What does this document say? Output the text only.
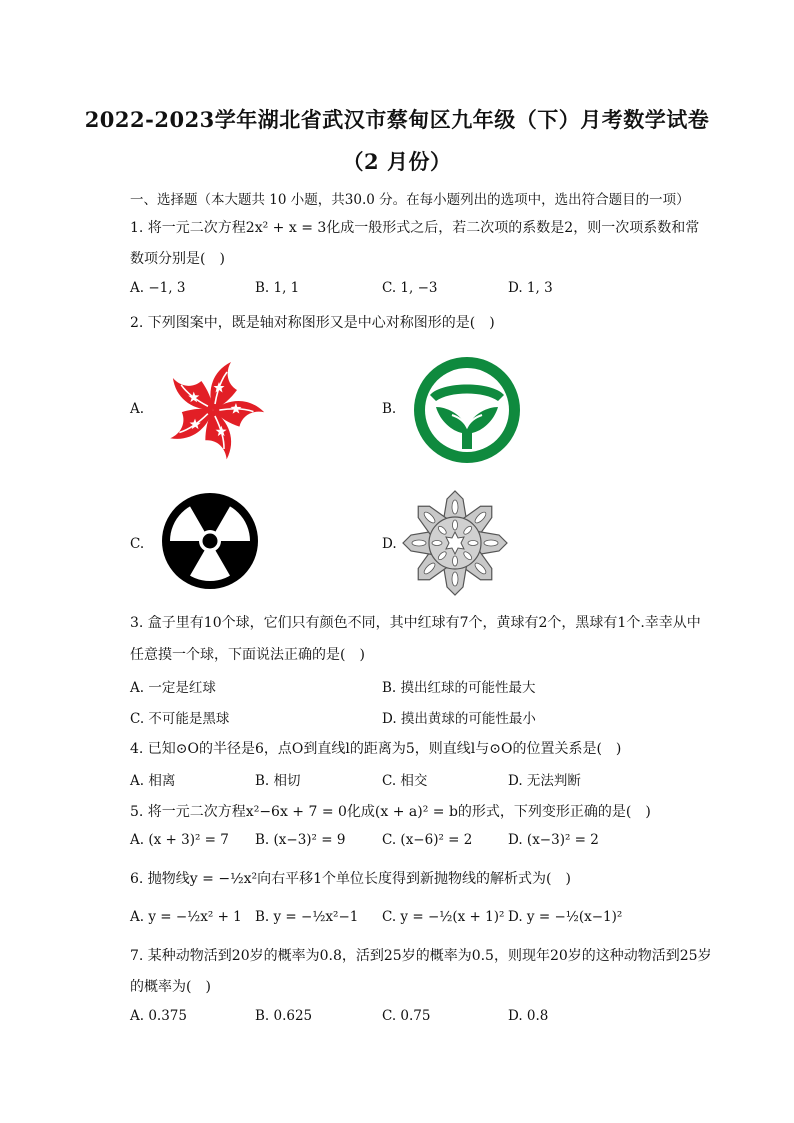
2022-2023学年湖北省武汉市蔡甸区九年级（下）月考数学试卷
（2 月份）
一、选择题（本大题共 10 小题，共30.0 分。在每小题列出的选项中，选出符合题目的一项）
1. 将一元二次方程2x² + x = 3化成一般形式之后，若二次项的系数是2，则一次项系数和常
数项分别是(　)
A. −1, 3	B. 1, 1	C. 1, −3	D. 1, 3
2. 下列图案中，既是轴对称图形又是中心对称图形的是(　)
A.	B.
C.	D.
3. 盒子里有10个球，它们只有颜色不同，其中红球有7个，黄球有2个，黑球有1个.幸幸从中
任意摸一个球，下面说法正确的是(　)
A. 一定是红球	B. 摸出红球的可能性最大
C. 不可能是黑球	D. 摸出黄球的可能性最小
4. 已知⊙O的半径是6，点O到直线l的距离为5，则直线l与⊙O的位置关系是(　)
A. 相离	B. 相切	C. 相交	D. 无法判断
5. 将一元二次方程x²−6x + 7 = 0化成(x + a)² = b的形式，下列变形正确的是(　)
A. (x + 3)² = 7 B. (x−3)² = 9	C. (x−6)² = 2	D. (x−3)² = 2
6. 抛物线y = −½x²向右平移1个单位长度得到新抛物线的解析式为(　)
A. y = −½x² + 1 B. y = −½x²−1 C. y = −½(x + 1)² D. y = −½(x−1)²
7. 某种动物活到20岁的概率为0.8，活到25岁的概率为0.5，则现年20岁的这种动物活到25岁
的概率为(　)
A. 0.375	B. 0.625	C. 0.75	D. 0.8
